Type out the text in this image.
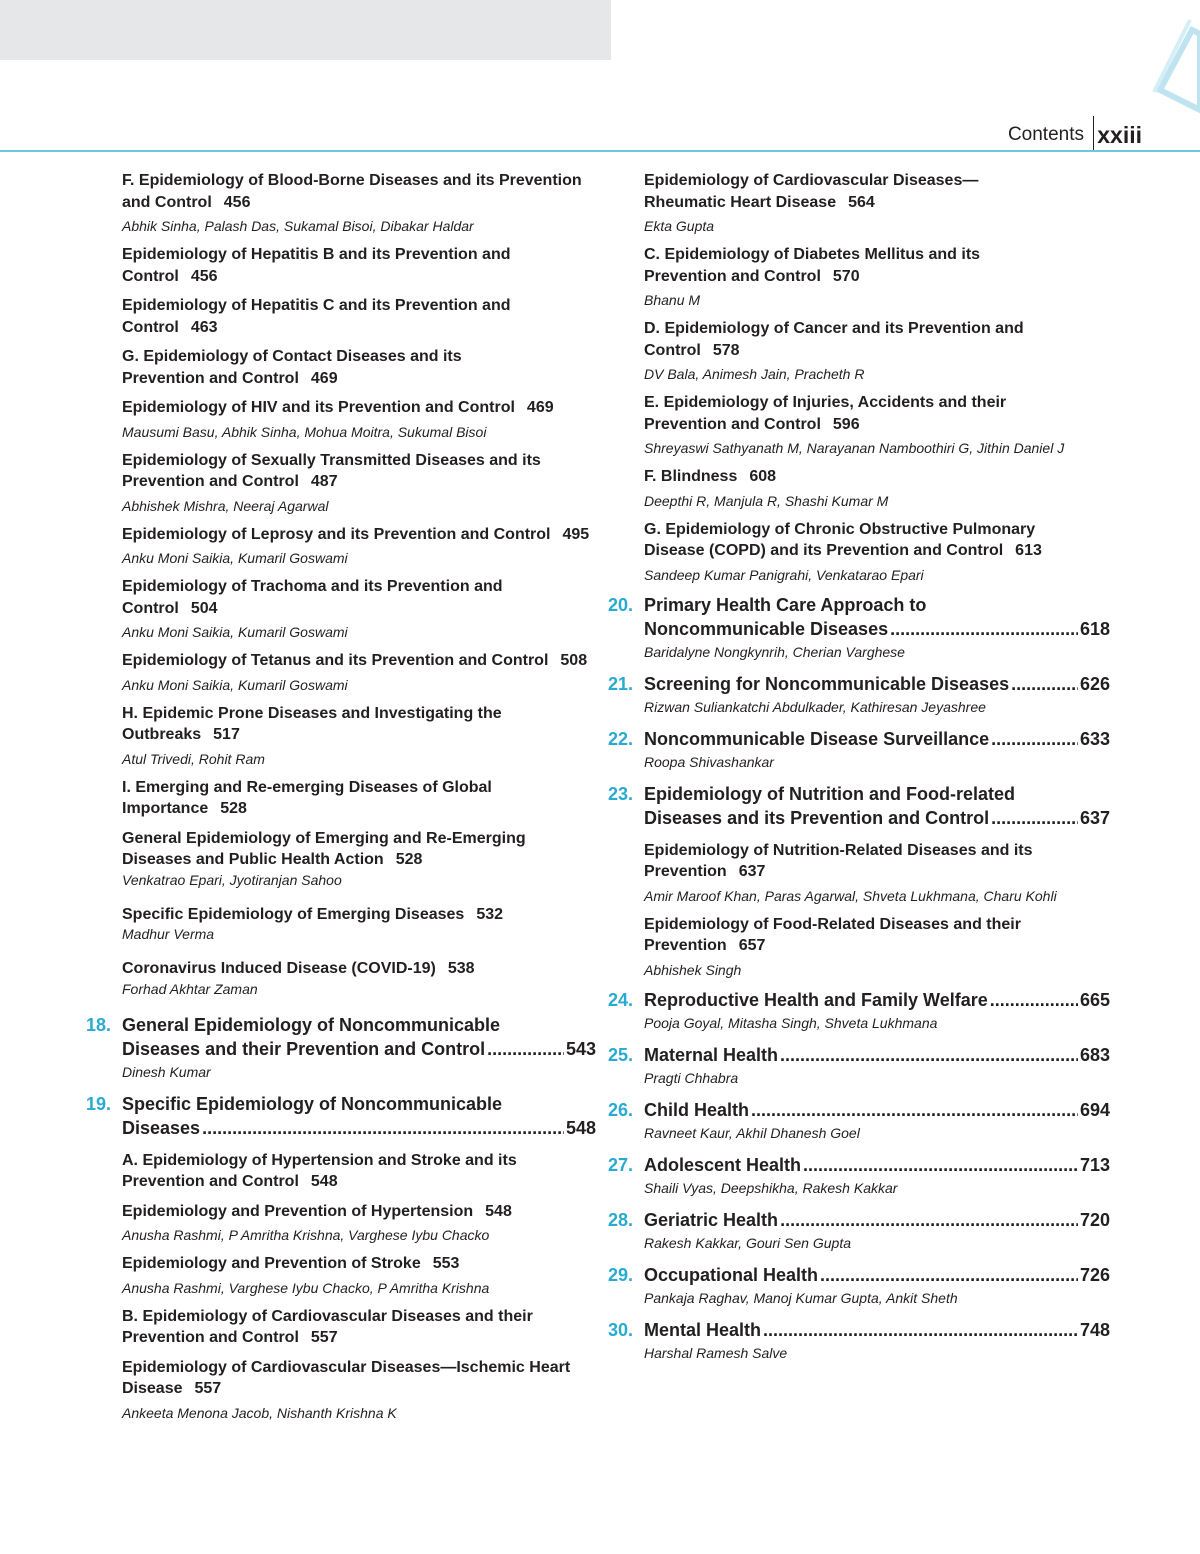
Contents xxiii
F. Epidemiology of Blood-Borne Diseases and its Prevention
and Control 456
Abhik Sinha, Palash Das, Sukamal Bisoi, Dibakar Haldar
Epidemiology of Hepatitis B and its Prevention and
Control 456
Epidemiology of Hepatitis C and its Prevention and
Control 463
G. Epidemiology of Contact Diseases and its
Prevention and Control 469
Epidemiology of HIV and its Prevention and Control 469
Mausumi Basu, Abhik Sinha, Mohua Moitra, Sukumal Bisoi
Epidemiology of Sexually Transmitted Diseases and its
Prevention and Control 487
Abhishek Mishra, Neeraj Agarwal
Epidemiology of Leprosy and its Prevention and Control 495
Anku Moni Saikia, Kumaril Goswami
Epidemiology of Trachoma and its Prevention and
Control 504
Anku Moni Saikia, Kumaril Goswami
Epidemiology of Tetanus and its Prevention and Control 508
Anku Moni Saikia, Kumaril Goswami
H. Epidemic Prone Diseases and Investigating the
Outbreaks 517
Atul Trivedi, Rohit Ram
I. Emerging and Re-emerging Diseases of Global
Importance 528
General Epidemiology of Emerging and Re-Emerging
Diseases and Public Health Action 528
Venkatrao Epari, Jyotiranjan Sahoo
Specific Epidemiology of Emerging Diseases 532
Madhur Verma
Coronavirus Induced Disease (COVID-19) 538
Forhad Akhtar Zaman
18. General Epidemiology of Noncommunicable
Diseases and their Prevention and Control .....	543
Dinesh Kumar
19. Specific Epidemiology of Noncommunicable
Diseases .....	548
A. Epidemiology of Hypertension and Stroke and its
Prevention and Control 548
Epidemiology and Prevention of Hypertension 548
Anusha Rashmi, P Amritha Krishna, Varghese Iybu Chacko
Epidemiology and Prevention of Stroke 553
Anusha Rashmi, Varghese Iybu Chacko, P Amritha Krishna
B. Epidemiology of Cardiovascular Diseases and their
Prevention and Control 557
Epidemiology of Cardiovascular Diseases—Ischemic Heart
Disease 557
Ankeeta Menona Jacob, Nishanth Krishna K
Epidemiology of Cardiovascular Diseases—
Rheumatic Heart Disease 564
Ekta Gupta
C. Epidemiology of Diabetes Mellitus and its
Prevention and Control 570
Bhanu M
D. Epidemiology of Cancer and its Prevention and
Control 578
DV Bala, Animesh Jain, Pracheth R
E. Epidemiology of Injuries, Accidents and their
Prevention and Control 596
Shreyaswi Sathyanath M, Narayanan Namboothiri G, Jithin Daniel J
F. Blindness 608
Deepthi R, Manjula R, Shashi Kumar M
G. Epidemiology of Chronic Obstructive Pulmonary
Disease (COPD) and its Prevention and Control 613
Sandeep Kumar Panigrahi, Venkatarao Epari
20. Primary Health Care Approach to
Noncommunicable Diseases .....	618
Baridalyne Nongkynrih, Cherian Varghese
21. Screening for Noncommunicable Diseases .....	626
Rizwan Suliankatchi Abdulkader, Kathiresan Jeyashree
22. Noncommunicable Disease Surveillance .....	633
Roopa Shivashankar
23. Epidemiology of Nutrition and Food-related
Diseases and its Prevention and Control .....	637
Epidemiology of Nutrition-Related Diseases and its
Prevention 637
Amir Maroof Khan, Paras Agarwal, Shveta Lukhmana, Charu Kohli
Epidemiology of Food-Related Diseases and their
Prevention 657
Abhishek Singh
24. Reproductive Health and Family Welfare .....	665
Pooja Goyal, Mitasha Singh, Shveta Lukhmana
25. Maternal Health .....	683
Pragti Chhabra
26. Child Health .....	694
Ravneet Kaur, Akhil Dhanesh Goel
27. Adolescent Health .....	713
Shaili Vyas, Deepshikha, Rakesh Kakkar
28. Geriatric Health .....	720
Rakesh Kakkar, Gouri Sen Gupta
29. Occupational Health .....	726
Pankaja Raghav, Manoj Kumar Gupta, Ankit Sheth
30. Mental Health .....	748
Harshal Ramesh Salve
